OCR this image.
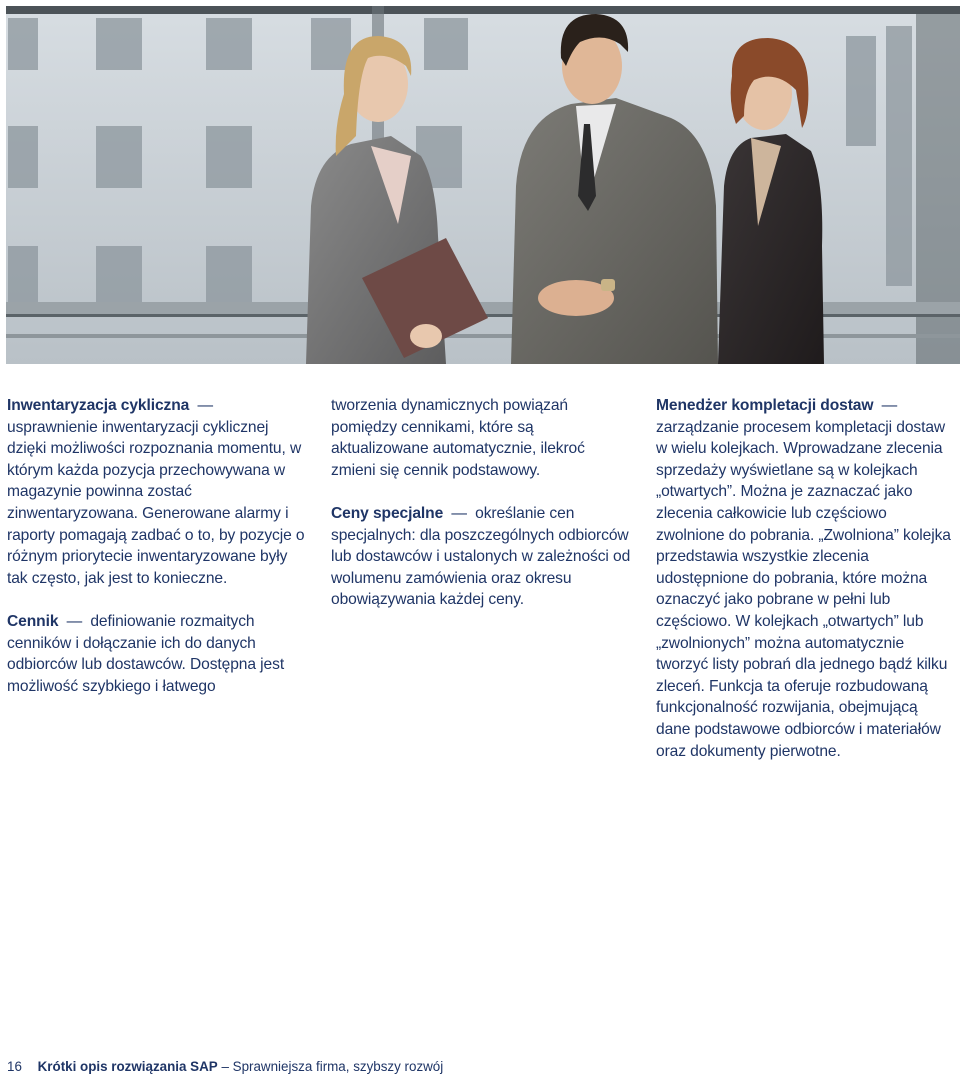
Inwentaryzacja cykliczna — usprawnienie inwentaryzacji cyklicznej dzięki możliwości rozpoznania momentu, w którym każda pozycja przechowywana w magazynie powinna zostać zinwentaryzowana. Generowane alarmy i raporty pomagają zadbać o to, by pozycje o różnym priorytecie inwentaryzowane były tak często, jak jest to konieczne.

Cennik — definiowanie rozmaitych cenników i dołączanie ich do danych odbiorców lub dostawców. Dostępna jest możliwość szybkiego i łatwego

tworzenia dynamicznych powiązań pomiędzy cennikami, które są aktualizowane automatycznie, ilekroć zmieni się cennik podstawowy.

Ceny specjalne — określanie cen specjalnych: dla poszczególnych odbiorców lub dostawców i ustalonych w zależności od wolumenu zamówienia oraz okresu obowiązywania każdej ceny.

Menedżer kompletacji dostaw — zarządzanie procesem kompletacji dostaw w wielu kolejkach. Wprowadzane zlecenia sprzedaży wyświetlane są w kolejkach „otwartych”. Można je zaznaczać jako zlecenia całkowicie lub częściowo zwolnione do pobrania. „Zwolniona” kolejka przedstawia wszystkie zlecenia udostępnione do pobrania, które można oznaczyć jako pobrane w pełni lub częściowo. W kolejkach „otwartych” lub „zwolnionych” można automatycznie tworzyć listy pobrań dla jednego bądź kilku zleceń. Funkcja ta oferuje rozbudowaną funkcjonalność rozwijania, obejmującą dane podstawowe odbiorców i materiałów oraz dokumenty pierwotne.

16 Krótki opis rozwiązania SAP – Sprawniejsza firma, szybszy rozwój
